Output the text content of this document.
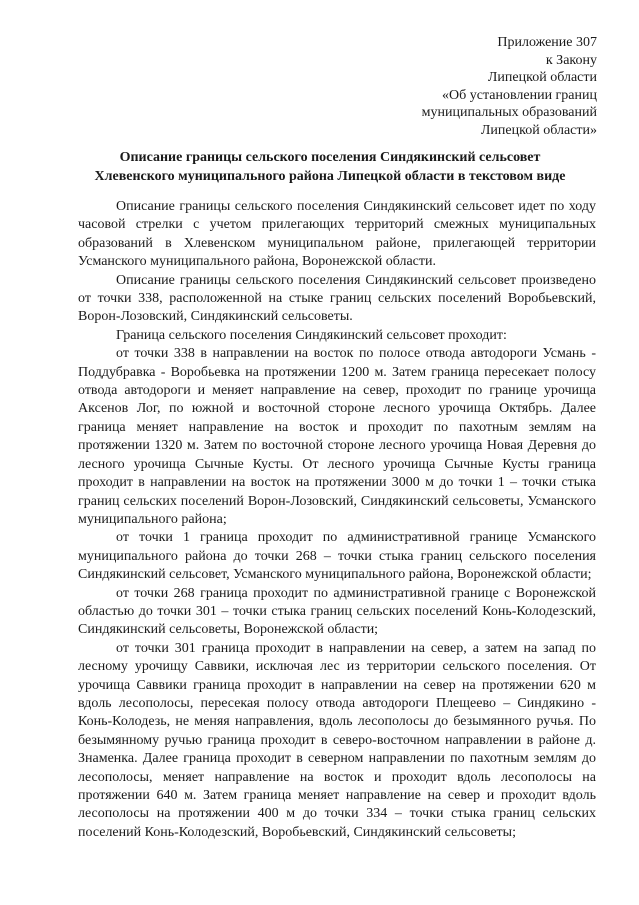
Приложение 307
к Закону
Липецкой области
«Об установлении границ
муниципальных образований
Липецкой области»
Описание границы сельского поселения Синдякинский сельсовет
Хлевенского муниципального района Липецкой области в текстовом виде

Описание границы сельского поселения Синдякинский сельсовет идет по ходу часовой стрелки с учетом прилегающих территорий смежных муниципальных образований в Хлевенском муниципальном районе, прилегающей территории Усманского муниципального района, Воронежской области.

Описание границы сельского поселения Синдякинский сельсовет произведено от точки 338, расположенной на стыке границ сельских поселений Воробьевский, Ворон-Лозовский, Синдякинский сельсоветы.

Граница сельского поселения Синдякинский сельсовет проходит:

от точки 338 в направлении на восток по полосе отвода автодороги Усмань - Поддубравка - Воробьевка на протяжении 1200 м. Затем граница пересекает полосу отвода автодороги и меняет направление на север, проходит по границе урочища Аксенов Лог, по южной и восточной стороне лесного урочища Октябрь. Далее граница меняет направление на восток и проходит по пахотным землям на протяжении 1320 м. Затем по восточной стороне лесного урочища Новая Деревня до лесного урочища Сычные Кусты. От лесного урочища Сычные Кусты граница проходит в направлении на восток на протяжении 3000 м до точки 1 – точки стыка границ сельских поселений Ворон-Лозовский, Синдякинский сельсоветы, Усманского муниципального района;

от точки 1 граница проходит по административной границе Усманского муниципального района до точки 268 – точки стыка границ сельского поселения Синдякинский сельсовет, Усманского муниципального района, Воронежской области;

от точки 268 граница проходит по административной границе с Воронежской областью до точки 301 – точки стыка границ сельских поселений Конь-Колодезский, Синдякинский сельсоветы, Воронежской области;

от точки 301 граница проходит в направлении на север, а затем на запад по лесному урочищу Саввики, исключая лес из территории сельского поселения. От урочища Саввики граница проходит в направлении на север на протяжении 620 м вдоль лесополосы, пересекая полосу отвода автодороги Плещеево – Синдякино - Конь-Колодезь, не меняя направления, вдоль лесополосы до безымянного ручья. По безымянному ручью граница проходит в северо-восточном направлении в районе д. Знаменка. Далее граница проходит в северном направлении по пахотным землям до лесополосы, меняет направление на восток и проходит вдоль лесополосы на протяжении 640 м. Затем граница меняет направление на север и проходит вдоль лесополосы на протяжении 400 м до точки 334 – точки стыка границ сельских поселений Конь-Колодезский, Воробьевский, Синдякинский сельсоветы;
